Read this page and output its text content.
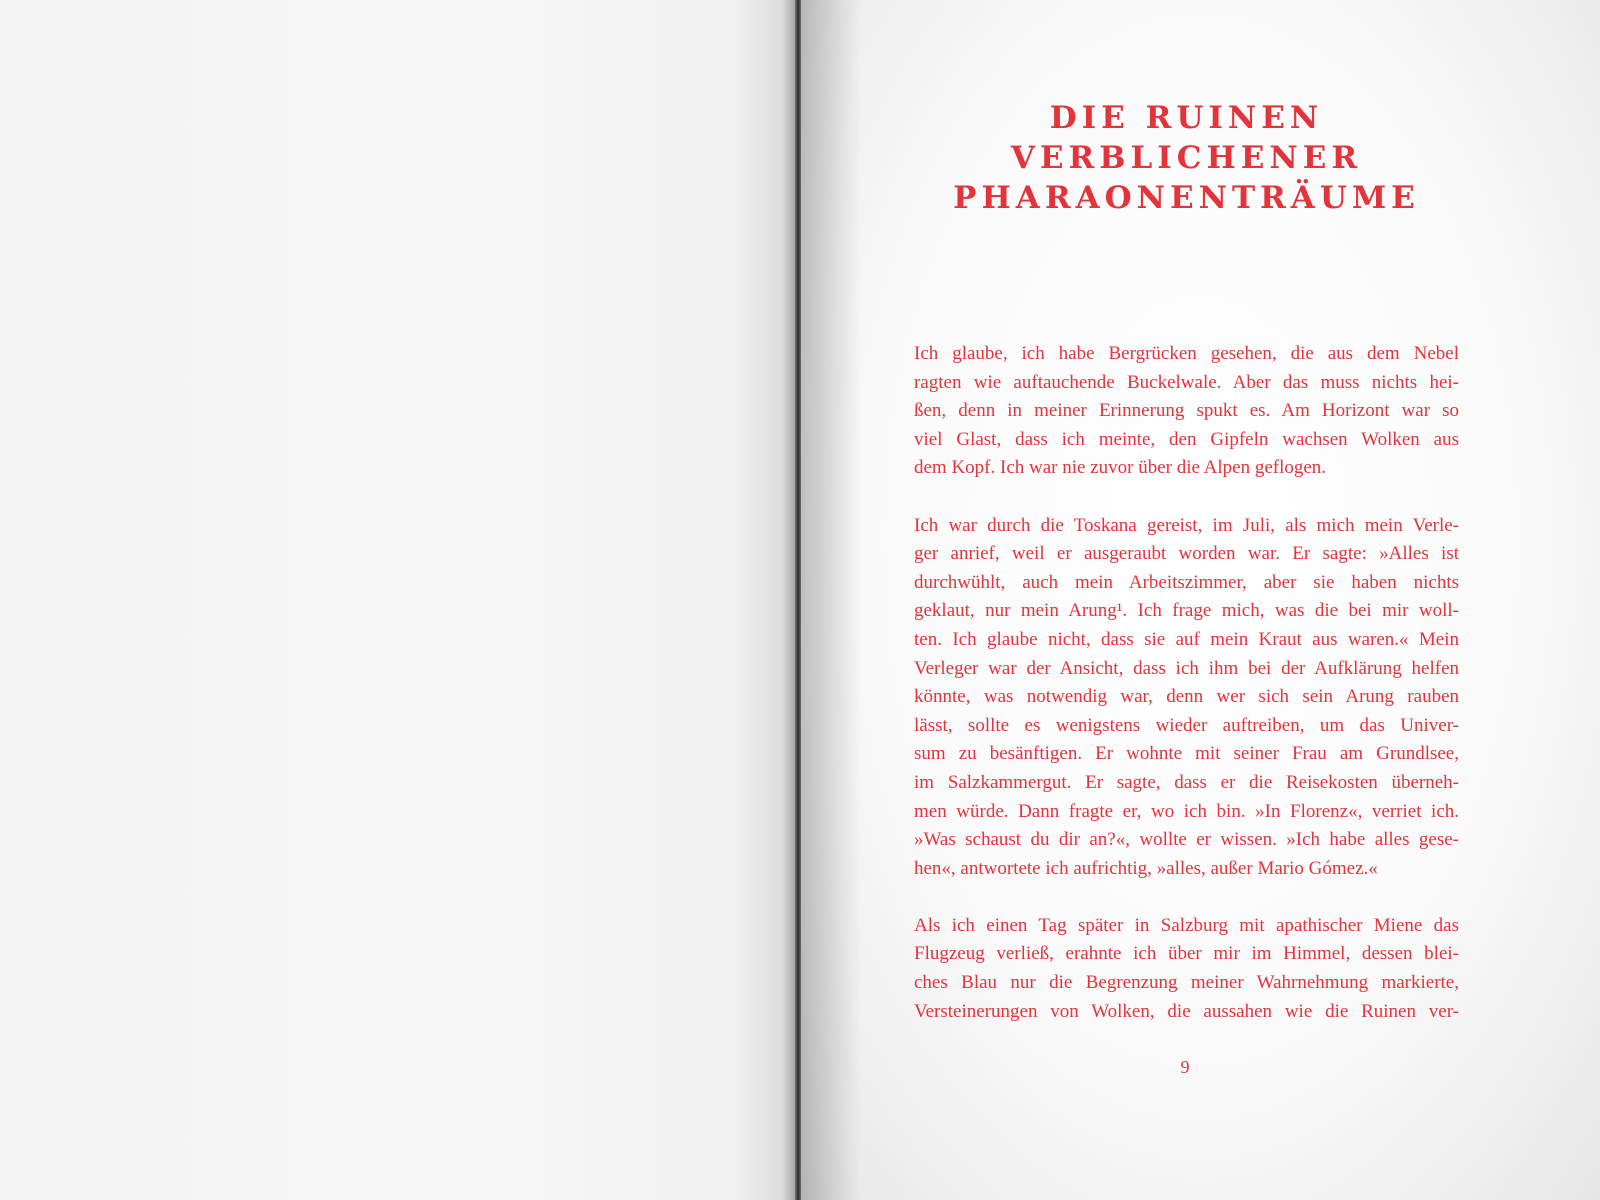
DIE RUINEN
VERBLICHENER
PHARAONENTRÄUME

Ich glaube, ich habe Bergrücken gesehen, die aus dem Nebel
ragten wie auftauchende Buckelwale. Aber das muss nichts hei-
ßen, denn in meiner Erinnerung spukt es. Am Horizont war so
viel Glast, dass ich meinte, den Gipfeln wachsen Wolken aus
dem Kopf. Ich war nie zuvor über die Alpen geflogen.

Ich war durch die Toskana gereist, im Juli, als mich mein Verle-
ger anrief, weil er ausgeraubt worden war. Er sagte: »Alles ist
durchwühlt, auch mein Arbeitszimmer, aber sie haben nichts
geklaut, nur mein Arung¹. Ich frage mich, was die bei mir woll-
ten. Ich glaube nicht, dass sie auf mein Kraut aus waren.« Mein
Verleger war der Ansicht, dass ich ihm bei der Aufklärung helfen
könnte, was notwendig war, denn wer sich sein Arung rauben
lässt, sollte es wenigstens wieder auftreiben, um das Univer-
sum zu besänftigen. Er wohnte mit seiner Frau am Grundlsee,
im Salzkammergut. Er sagte, dass er die Reisekosten überneh-
men würde. Dann fragte er, wo ich bin. »In Florenz«, verriet ich.
»Was schaust du dir an?«, wollte er wissen. »Ich habe alles gese-
hen«, antwortete ich aufrichtig, »alles, außer Mario Gómez.«

Als ich einen Tag später in Salzburg mit apathischer Miene das
Flugzeug verließ, erahnte ich über mir im Himmel, dessen blei-
ches Blau nur die Begrenzung meiner Wahrnehmung markierte,
Versteinerungen von Wolken, die aussahen wie die Ruinen ver-

9
